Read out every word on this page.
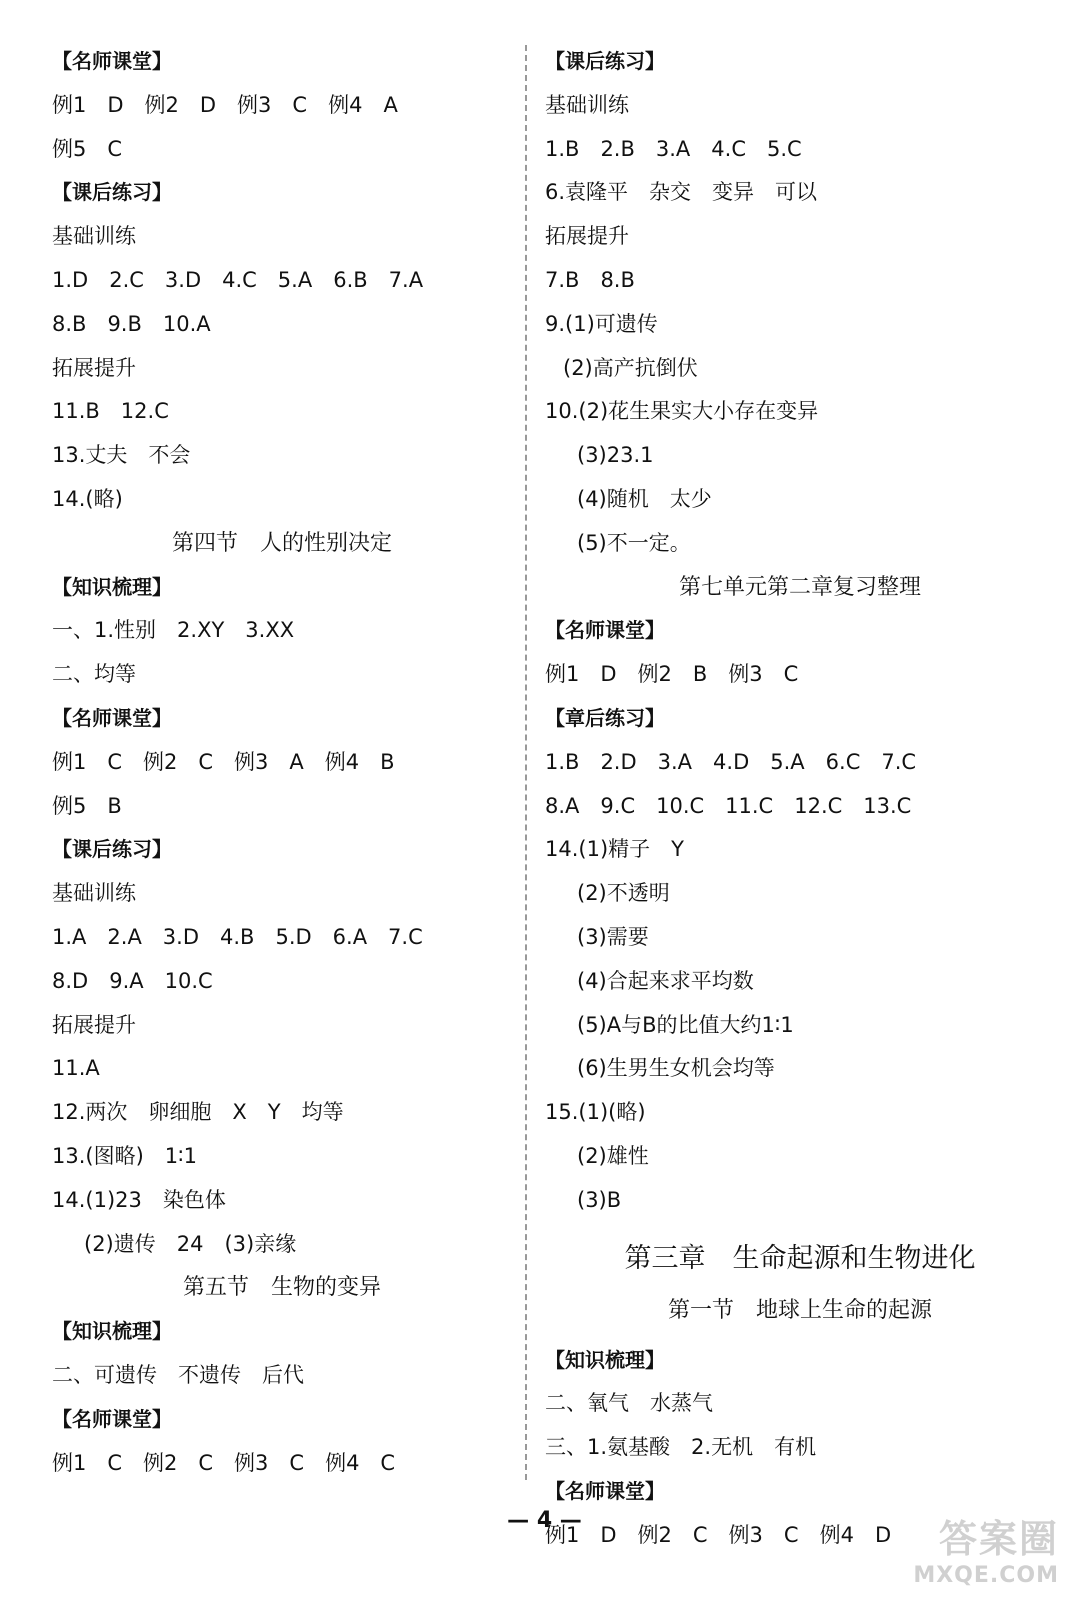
【名师课堂】
例1　D　例2　D　例3　C　例4　A
例5　C
【课后练习】
基础训练
1.D　2.C　3.D　4.C　5.A　6.B　7.A
8.B　9.B　10.A
拓展提升
11.B　12.C
13.丈夫　不会
14.(略)
第四节　人的性别决定
【知识梳理】
一、1.性别　2.XY　3.XX
二、均等
【名师课堂】
例1　C　例2　C　例3　A　例4　B
例5　B
【课后练习】
基础训练
1.A　2.A　3.D　4.B　5.D　6.A　7.C
8.D　9.A　10.C
拓展提升
11.A
12.两次　卵细胞　X　Y　均等
13.(图略)　1∶1
14.(1)23　染色体
(2)遗传　24　(3)亲缘
第五节　生物的变异
【知识梳理】
二、可遗传　不遗传　后代
【名师课堂】
例1　C　例2　C　例3　C　例4　C
【课后练习】
基础训练
1.B　2.B　3.A　4.C　5.C
6.袁隆平　杂交　变异　可以
拓展提升
7.B　8.B
9.(1)可遗传
(2)高产抗倒伏
10.(2)花生果实大小存在变异
(3)23.1
(4)随机　太少
(5)不一定。
第七单元第二章复习整理
【名师课堂】
例1　D　例2　B　例3　C
【章后练习】
1.B　2.D　3.A　4.D　5.A　6.C　7.C
8.A　9.C　10.C　11.C　12.C　13.C
14.(1)精子　Y
(2)不透明
(3)需要
(4)合起来求平均数
(5)A与B的比值大约1∶1
(6)生男生女机会均等
15.(1)(略)
(2)雄性
(3)B
第三章　生命起源和生物进化
第一节　地球上生命的起源
【知识梳理】
二、氧气　水蒸气
三、1.氨基酸　2.无机　有机
【名师课堂】
例1　D　例2　C　例3　C　例4　D
— 4 —	答案圈
MXQE.COM
